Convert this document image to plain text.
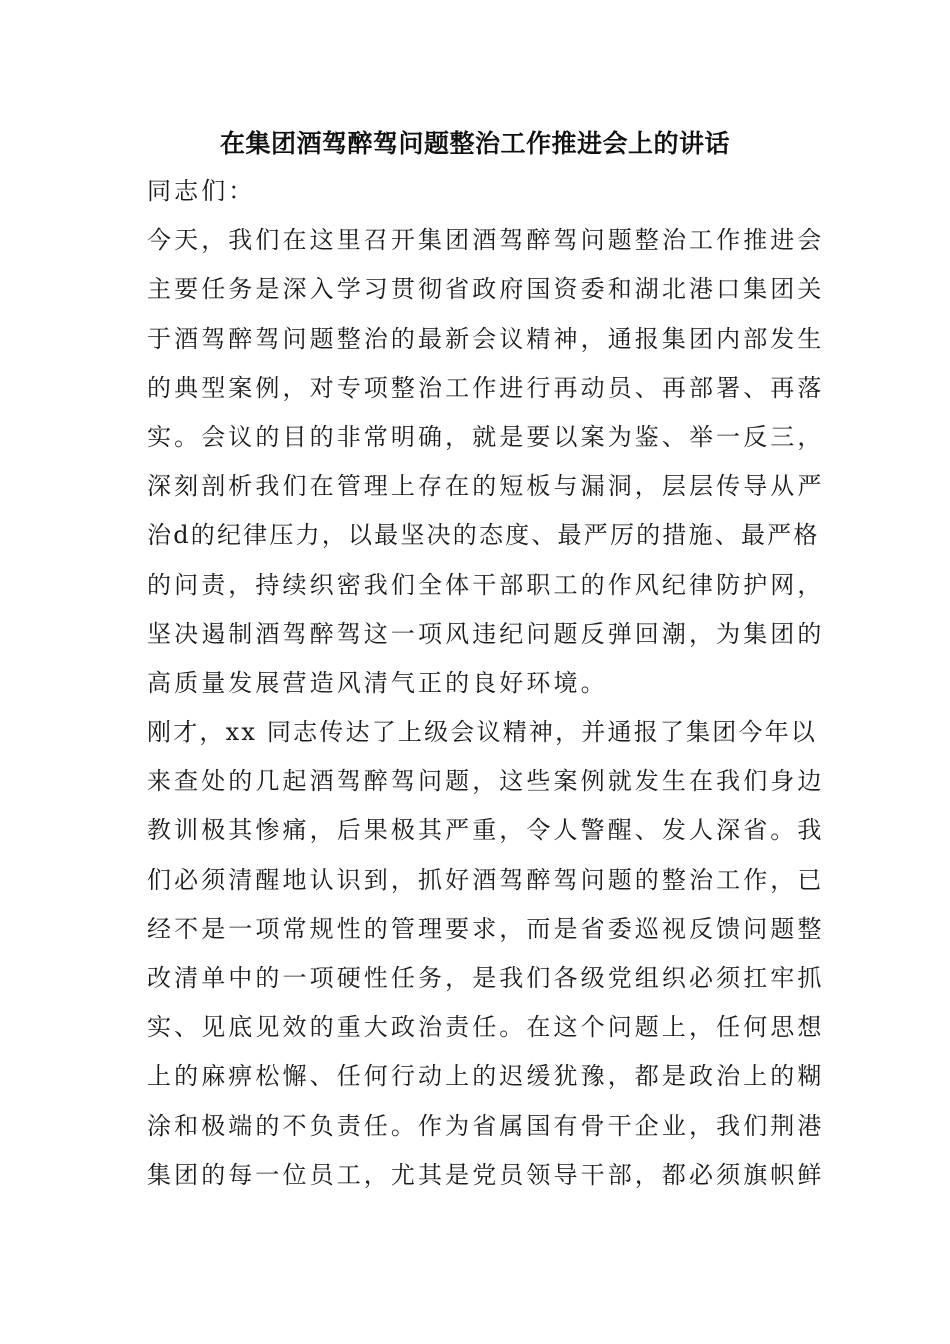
在集团酒驾醉驾问题整治工作推进会上的讲话
同志们：
今天，我们在这里召开集团酒驾醉驾问题整治工作推进会
主要任务是深入学习贯彻省政府国资委和湖北港口集团关
于酒驾醉驾问题整治的最新会议精神，通报集团内部发生
的典型案例，对专项整治工作进行再动员、再部署、再落
实。会议的目的非常明确，就是要以案为鉴、举一反三，
深刻剖析我们在管理上存在的短板与漏洞，层层传导从严
治d的纪律压力，以最坚决的态度、最严厉的措施、最严格
的问责，持续织密我们全体干部职工的作风纪律防护网，
坚决遏制酒驾醉驾这一项风违纪问题反弹回潮，为集团的
高质量发展营造风清气正的良好环境。
刚才，xx 同志传达了上级会议精神，并通报了集团今年以
来查处的几起酒驾醉驾问题，这些案例就发生在我们身边
教训极其惨痛，后果极其严重，令人警醒、发人深省。我
们必须清醒地认识到，抓好酒驾醉驾问题的整治工作，已
经不是一项常规性的管理要求，而是省委巡视反馈问题整
改清单中的一项硬性任务，是我们各级党组织必须扛牢抓
实、见底见效的重大政治责任。在这个问题上，任何思想
上的麻痹松懈、任何行动上的迟缓犹豫，都是政治上的糊
涂和极端的不负责任。作为省属国有骨干企业，我们荆港
集团的每一位员工，尤其是党员领导干部，都必须旗帜鲜
